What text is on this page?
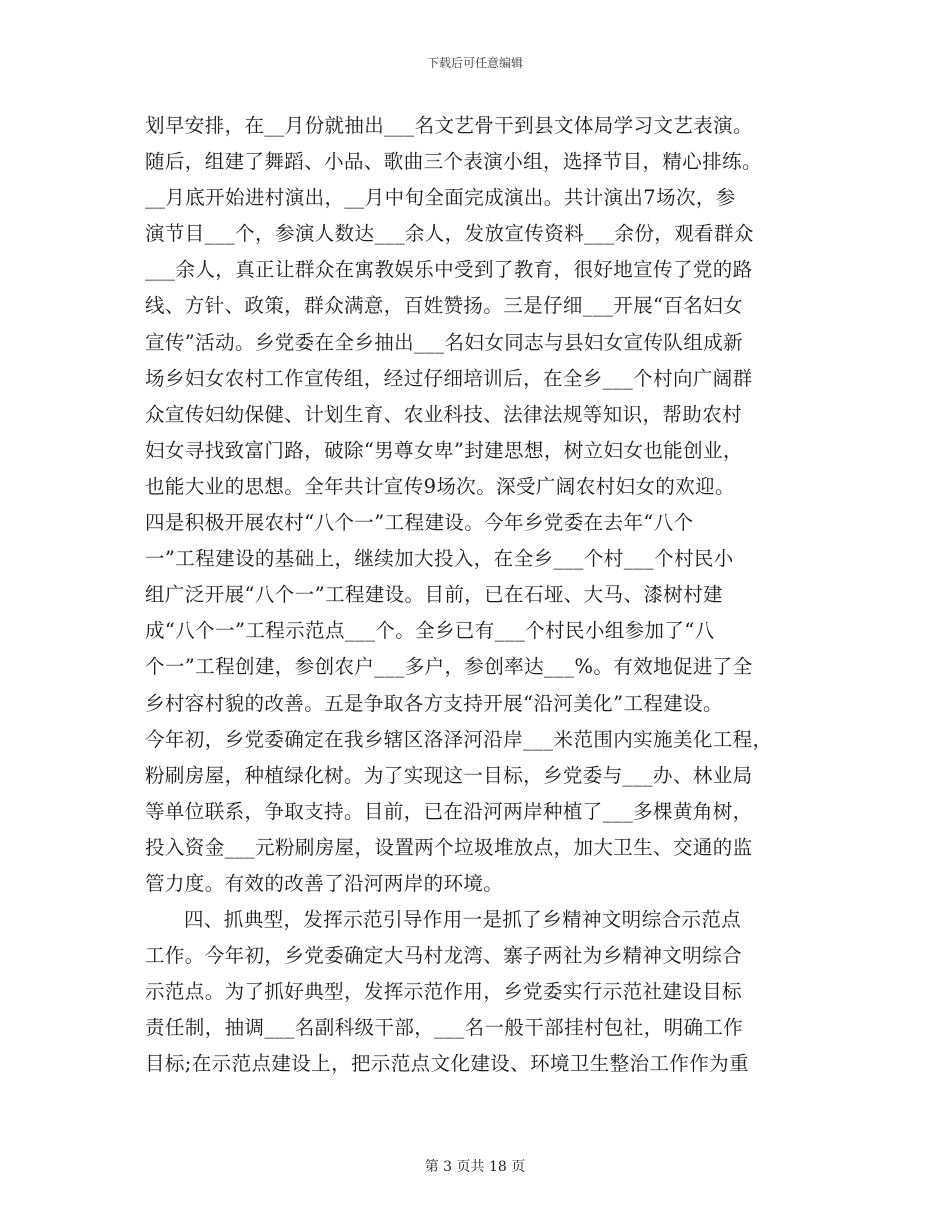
下载后可任意编辑
划早安排，在__月份就抽出___名文艺骨干到县文体局学习文艺表演。
随后，组建了舞蹈、小品、歌曲三个表演小组，选择节目，精心排练。
__月底开始进村演出，__月中旬全面完成演出。共计演出7场次，参
演节目___个，参演人数达___余人，发放宣传资料___余份，观看群众
___余人，真正让群众在寓教娱乐中受到了教育，很好地宣传了党的路
线、方针、政策，群众满意，百姓赞扬。三是仔细___开展“百名妇女
宣传”活动。乡党委在全乡抽出___名妇女同志与县妇女宣传队组成新
场乡妇女农村工作宣传组，经过仔细培训后，在全乡___个村向广阔群
众宣传妇幼保健、计划生育、农业科技、法律法规等知识，帮助农村
妇女寻找致富门路，破除“男尊女卑”封建思想，树立妇女也能创业，
也能大业的思想。全年共计宣传9场次。深受广阔农村妇女的欢迎。
四是积极开展农村“八个一”工程建设。今年乡党委在去年“八个
一”工程建设的基础上，继续加大投入，在全乡___个村___个村民小
组广泛开展“八个一”工程建设。目前，已在石垭、大马、漆树村建
成“八个一”工程示范点___个。全乡已有___个村民小组参加了“八
个一”工程创建，参创农户___多户，参创率达___%。有效地促进了全
乡村容村貌的改善。五是争取各方支持开展“沿河美化”工程建设。
今年初，乡党委确定在我乡辖区洛泽河沿岸___米范围内实施美化工程，
粉刷房屋，种植绿化树。为了实现这一目标，乡党委与___办、林业局
等单位联系，争取支持。目前，已在沿河两岸种植了___多棵黄角树，
投入资金___元粉刷房屋，设置两个垃圾堆放点，加大卫生、交通的监
管力度。有效的改善了沿河两岸的环境。
四、抓典型，发挥示范引导作用一是抓了乡精神文明综合示范点
工作。今年初，乡党委确定大马村龙湾、寨子两社为乡精神文明综合
示范点。为了抓好典型，发挥示范作用，乡党委实行示范社建设目标
责任制，抽调___名副科级干部，___名一般干部挂村包社，明确工作
目标;在示范点建设上，把示范点文化建设、环境卫生整治工作作为重
第 3 页共 18 页
